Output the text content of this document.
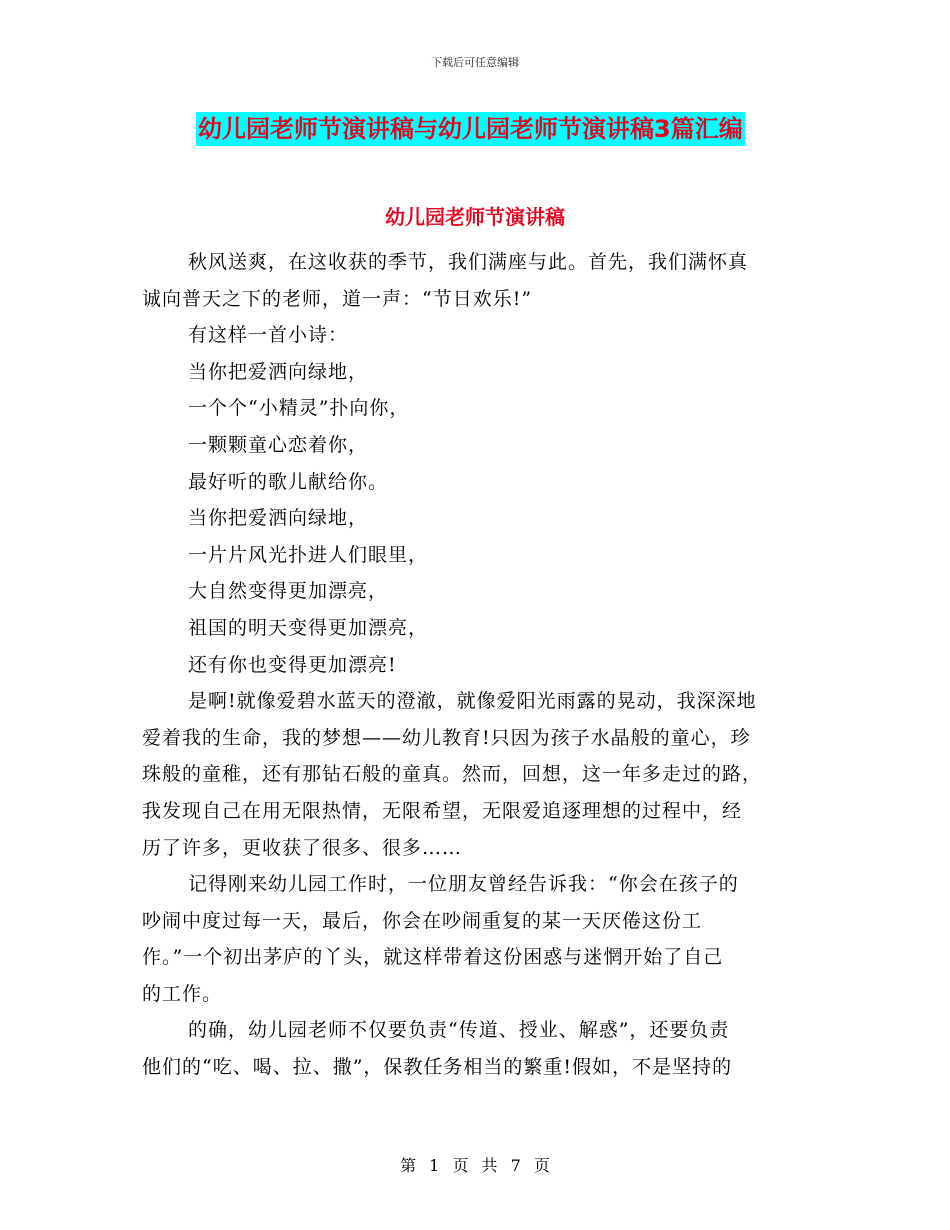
下载后可任意编辑
幼儿园老师节演讲稿与幼儿园老师节演讲稿3篇汇编
幼儿园老师节演讲稿
秋风送爽，在这收获的季节，我们满座与此。首先，我们满怀真
诚向普天之下的老师，道一声：“节日欢乐!”
有这样一首小诗：
当你把爱洒向绿地，
一个个“小精灵”扑向你，
一颗颗童心恋着你，
最好听的歌儿献给你。
当你把爱洒向绿地，
一片片风光扑进人们眼里，
大自然变得更加漂亮，
祖国的明天变得更加漂亮，
还有你也变得更加漂亮!
是啊!就像爱碧水蓝天的澄澈，就像爱阳光雨露的晃动，我深深地
爱着我的生命，我的梦想——幼儿教育!只因为孩子水晶般的童心，珍
珠般的童稚，还有那钻石般的童真。然而，回想，这一年多走过的路，
我发现自己在用无限热情，无限希望，无限爱追逐理想的过程中，经
历了许多，更收获了很多、很多……
记得刚来幼儿园工作时，一位朋友曾经告诉我：“你会在孩子的
吵闹中度过每一天，最后，你会在吵闹重复的某一天厌倦这份工
作。”一个初出茅庐的丫头，就这样带着这份困惑与迷惘开始了自己
的工作。
的确，幼儿园老师不仅要负责“传道、授业、解惑”，还要负责
他们的“吃、喝、拉、撒”，保教任务相当的繁重!假如，不是坚持的
第 1 页 共 7 页
